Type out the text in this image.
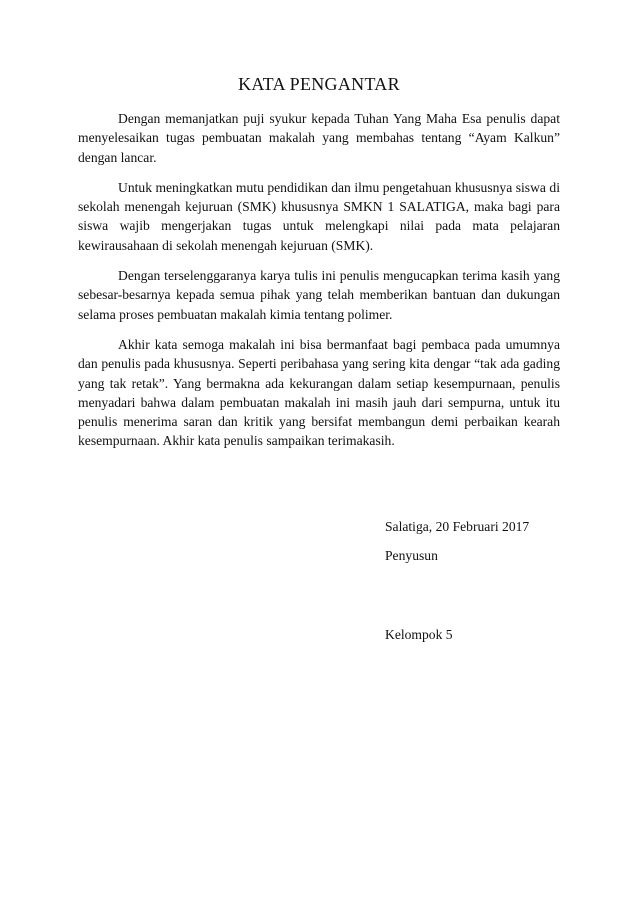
KATA PENGANTAR

Dengan memanjatkan puji syukur kepada Tuhan Yang Maha Esa penulis dapat menyelesaikan tugas pembuatan makalah yang membahas tentang “Ayam Kalkun” dengan lancar.

Untuk meningkatkan mutu pendidikan dan ilmu pengetahuan khususnya siswa di sekolah menengah kejuruan (SMK) khususnya SMKN 1 SALATIGA, maka bagi para siswa wajib mengerjakan tugas untuk melengkapi nilai pada mata pelajaran kewirausahaan di sekolah menengah kejuruan (SMK).

Dengan terselenggaranya karya tulis ini penulis mengucapkan terima kasih yang sebesar-besarnya kepada semua pihak yang telah memberikan bantuan dan dukungan selama proses pembuatan makalah kimia tentang polimer.

Akhir kata semoga makalah ini bisa bermanfaat bagi pembaca pada umumnya dan penulis pada khususnya. Seperti peribahasa yang sering kita dengar “tak ada gading yang tak retak”. Yang bermakna ada kekurangan dalam setiap kesempurnaan, penulis menyadari bahwa dalam pembuatan makalah ini masih jauh dari sempurna, untuk itu penulis menerima saran dan kritik yang bersifat membangun demi perbaikan kearah kesempurnaan. Akhir kata penulis sampaikan terimakasih.

Salatiga, 20 Februari 2017
Penyusun
Kelompok 5
